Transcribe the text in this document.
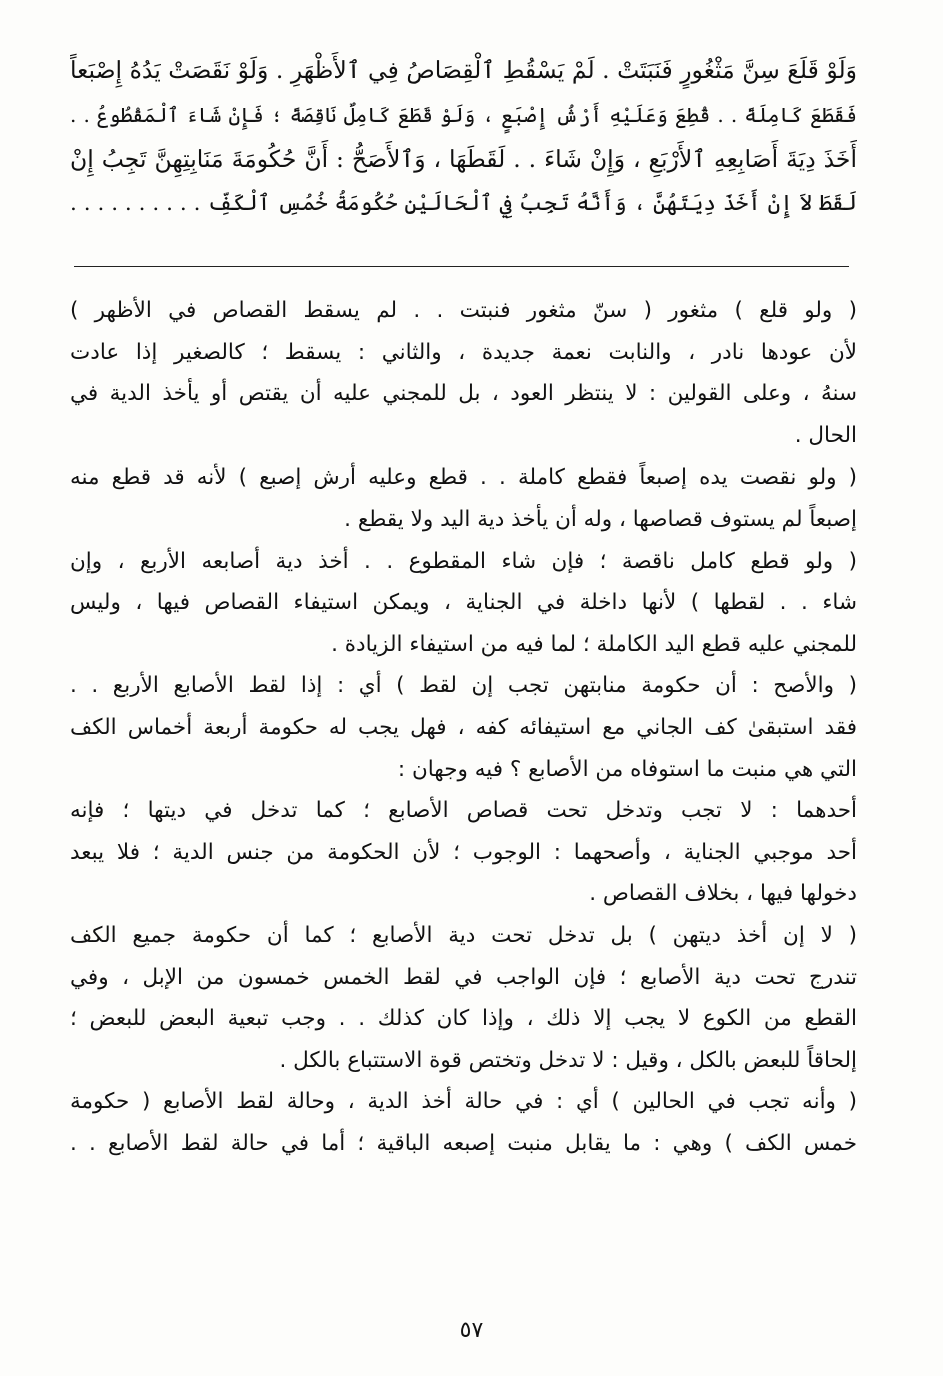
وَلَوْ قَلَعَ سِنَّ مَثْغُورٍ فَنَبَتَتْ . لَمْ يَسْقُطِ ٱلْقِصَاصُ فِي ٱلأَظْهَرِ . وَلَوْ نَقَصَتْ يَدُهُ إِصْبَعاً
فَقَطَعَ كَامِلَةً . . قُطِعَ وَعَلَيْهِ أَرْشُ إِصْبَعٍ ، وَلَوْ قَطَعَ كَامِلٌ نَاقِصَةً ؛ فَإِنْ شَاءَ ٱلْمَقْطُوعُ . .
أَخَذَ دِيَةَ أَصَابِعِهِ ٱلأَرْبَعِ ، وَإِنْ شَاءَ . . لَقَطَهَا ، وَٱلأَصَحُّ : أَنَّ حُكُومَةَ مَنَابِتِهِنَّ تَجِبُ إِنْ
لَقَطَ لاَ إِنْ أَخَذَ دِيَتَهُنَّ ، وَأَنَّهُ تَجِبُ فِي ٱلْحَالَيْنِ حُكُومَةُ خُمُسِ ٱلْكَفِّ . . . . . . . . . .
( ولو قلع ) مثغور ( سنّ مثغور فنبتت . . لم يسقط القصاص في الأظهر )
لأن عودها نادر ، والنابت نعمة جديدة ، والثاني : يسقط ؛ كالصغير إذا عادت
سنهُ ، وعلى القولين : لا ينتظر العود ، بل للمجني عليه أن يقتص أو يأخذ الدية في
الحال .
( ولو نقصت يده إصبعاً فقطع كاملة . . قطع وعليه أرش إصبع ) لأنه قد قطع منه
إصبعاً لم يستوف قصاصها ، وله أن يأخذ دية اليد ولا يقطع .
( ولو قطع كامل ناقصة ؛ فإن شاء المقطوع . . أخذ دية أصابعه الأربع ، وإن
شاء . . لقطها ) لأنها داخلة في الجناية ، ويمكن استيفاء القصاص فيها ، وليس
للمجني عليه قطع اليد الكاملة ؛ لما فيه من استيفاء الزيادة .
( والأصح : أن حكومة منابتهن تجب إن لقط ) أي : إذا لقط الأصابع الأربع . .
فقد استبقىٰ كف الجاني مع استيفائه كفه ، فهل يجب له حكومة أربعة أخماس الكف
التي هي منبت ما استوفاه من الأصابع ؟ فيه وجهان :
أحدهما : لا تجب وتدخل تحت قصاص الأصابع ؛ كما تدخل في ديتها ؛ فإنه
أحد موجبي الجناية ، وأصحهما : الوجوب ؛ لأن الحكومة من جنس الدية ؛ فلا يبعد
دخولها فيها ، بخلاف القصاص .
( لا إن أخذ ديتهن ) بل تدخل تحت دية الأصابع ؛ كما أن حكومة جميع الكف
تندرج تحت دية الأصابع ؛ فإن الواجب في لقط الخمس خمسون من الإبل ، وفي
القطع من الكوع لا يجب إلا ذلك ، وإذا كان كذلك . . وجب تبعية البعض للبعض ؛
إلحاقاً للبعض بالكل ، وقيل : لا تدخل وتختص قوة الاستتباع بالكل .
( وأنه تجب في الحالين ) أي : في حالة أخذ الدية ، وحالة لقط الأصابع ( حكومة
خمس الكف ) وهي : ما يقابل منبت إصبعه الباقية ؛ أما في حالة لقط الأصابع . .
٥٧
